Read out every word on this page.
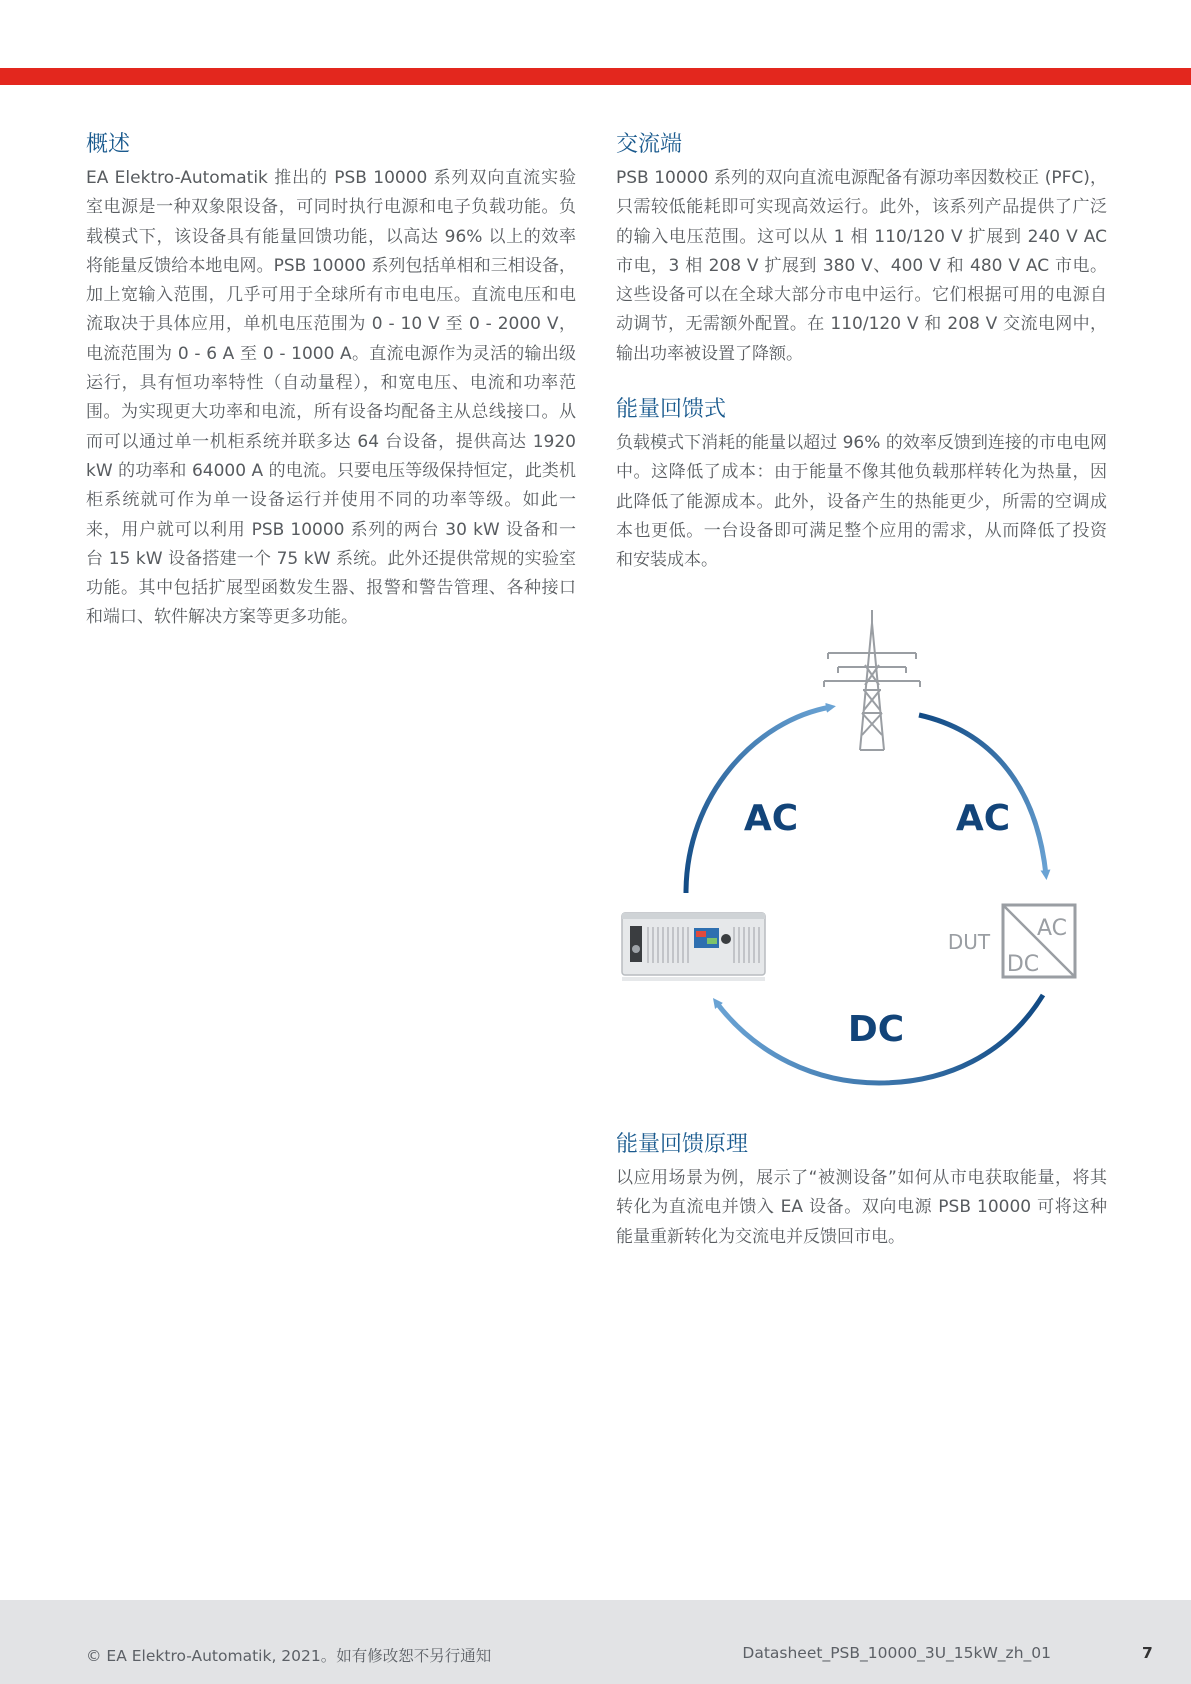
概述

EA Elektro-Automatik 推出的 PSB 10000 系列双向直流实验室电源是一种双象限设备，可同时执行电源和电子负载功能。负载模式下，该设备具有能量回馈功能，以高达 96% 以上的效率将能量反馈给本地电网。PSB 10000 系列包括单相和三相设备，加上宽输入范围，几乎可用于全球所有市电电压。直流电压和电流取决于具体应用，单机电压范围为 0 - 10 V 至 0 - 2000 V，电流范围为 0 - 6 A 至 0 - 1000 A。直流电源作为灵活的输出级运行，具有恒功率特性（自动量程），和宽电压、电流和功率范围。为实现更大功率和电流，所有设备均配备主从总线接口。从而可以通过单一机柜系统并联多达 64 台设备，提供高达 1920 kW 的功率和 64000 A 的电流。只要电压等级保持恒定，此类机柜系统就可作为单一设备运行并使用不同的功率等级。如此一来，用户就可以利用 PSB 10000 系列的两台 30 kW 设备和一台 15 kW 设备搭建一个 75 kW 系统。此外还提供常规的实验室功能。其中包括扩展型函数发生器、报警和警告管理、各种接口和端口、软件解决方案等更多功能。

交流端

PSB 10000 系列的双向直流电源配备有源功率因数校正 (PFC)，只需较低能耗即可实现高效运行。此外，该系列产品提供了广泛的输入电压范围。这可以从 1 相 110/120 V 扩展到 240 V AC 市电，3 相 208 V 扩展到 380 V、400 V 和 480 V AC 市电。这些设备可以在全球大部分市电中运行。它们根据可用的电源自动调节，无需额外配置。在 110/120 V 和 208 V 交流电网中，输出功率被设置了降额。

能量回馈式

负载模式下消耗的能量以超过 96% 的效率反馈到连接的市电电网中。这降低了成本：由于能量不像其他负载那样转化为热量，因此降低了能源成本。此外，设备产生的热能更少，所需的空调成本也更低。一台设备即可满足整个应用的需求，从而降低了投资和安装成本。

AC	AC
DC
DUT
AC
DC
能量回馈原理

以应用场景为例，展示了“被测设备”如何从市电获取能量，将其转化为直流电并馈入 EA 设备。双向电源 PSB 10000 可将这种能量重新转化为交流电并反馈回市电。

© EA Elektro-Automatik, 2021。如有修改恕不另行通知	Datasheet_PSB_10000_3U_15kW_zh_01	7
